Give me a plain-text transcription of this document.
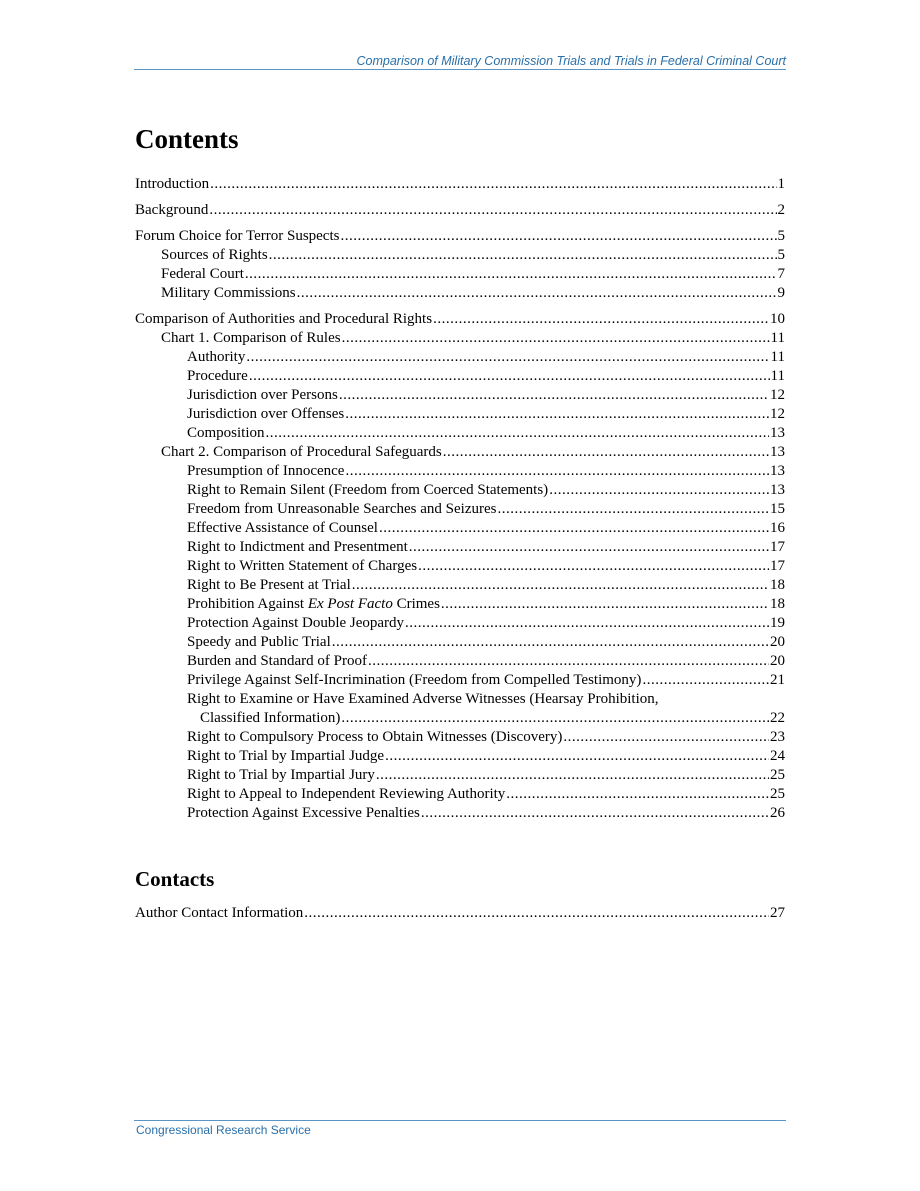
Comparison of Military Commission Trials and Trials in Federal Criminal Court
Contents
Introduction .....	1
Background .....	2
Forum Choice for Terror Suspects .....	5
Sources of Rights .....	5
Federal Court .....	7
Military Commissions .....	9
Comparison of Authorities and Procedural Rights .....	10
Chart 1. Comparison of Rules .....	11
Authority .....	11
Procedure .....	11
Jurisdiction over Persons .....	12
Jurisdiction over Offenses .....	12
Composition .....	13
Chart 2. Comparison of Procedural Safeguards .....	13
Presumption of Innocence .....	13
Right to Remain Silent (Freedom from Coerced Statements) .....	13
Freedom from Unreasonable Searches and Seizures .....	15
Effective Assistance of Counsel .....	16
Right to Indictment and Presentment .....	17
Right to Written Statement of Charges .....	17
Right to Be Present at Trial .....	18
Prohibition Against Ex Post Facto Crimes .....	18
Protection Against Double Jeopardy .....	19
Speedy and Public Trial .....	20
Burden and Standard of Proof .....	20
Privilege Against Self-Incrimination (Freedom from Compelled Testimony) .....	21
Right to Examine or Have Examined Adverse Witnesses (Hearsay Prohibition,
Classified Information) .....	22
Right to Compulsory Process to Obtain Witnesses (Discovery) .....	23
Right to Trial by Impartial Judge .....	24
Right to Trial by Impartial Jury .....	25
Right to Appeal to Independent Reviewing Authority .....	25
Protection Against Excessive Penalties .....	26
Contacts
Author Contact Information .....	27
Congressional Research Service
